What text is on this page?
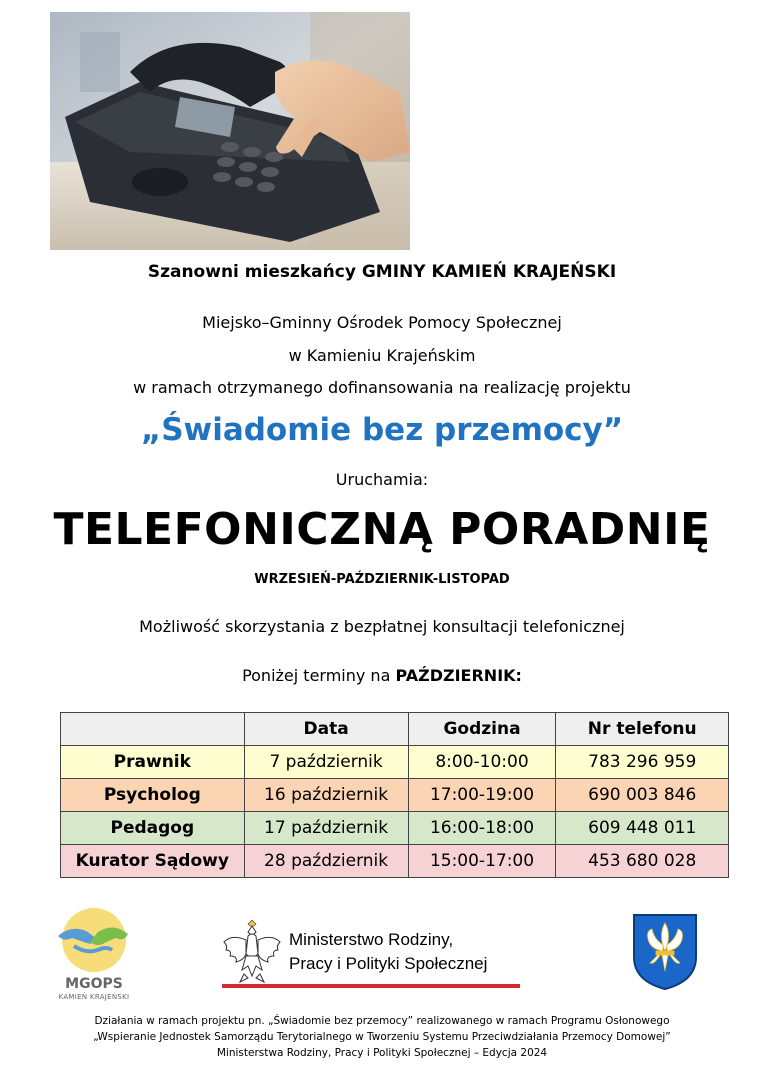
Szanowni mieszkańcy GMINY KAMIEŃ KRAJEŃSKI
Miejsko–Gminny Ośrodek Pomocy Społecznej
w Kamieniu Krajeńskim
w ramach otrzymanego dofinansowania na realizację projektu
„Świadomie bez przemocy”
Uruchamia:
TELEFONICZNĄ PORADNIĘ
WRZESIEŃ-PAŹDZIERNIK-LISTOPAD
Możliwość skorzystania z bezpłatnej konsultacji telefonicznej
Poniżej terminy na PAŹDZIERNIK:
	Data	Godzina	Nr telefonu
Prawnik	7 październik	8:00-10:00	783 296 959
Psycholog	16 październik	17:00-19:00	690 003 846
Pedagog	17 październik	16:00-18:00	609 448 011
Kurator Sądowy	28 październik	15:00-17:00	453 680 028
MGOPS
KAMIEŃ KRAJEŃSKI
Ministerstwo Rodziny,
Pracy i Polityki Społecznej
Działania w ramach projektu pn. „Świadomie bez przemocy” realizowanego w ramach Programu Osłonowego
„Wspieranie Jednostek Samorządu Terytorialnego w Tworzeniu Systemu Przeciwdziałania Przemocy Domowej”
Ministerstwa Rodziny, Pracy i Polityki Społecznej – Edycja 2024
